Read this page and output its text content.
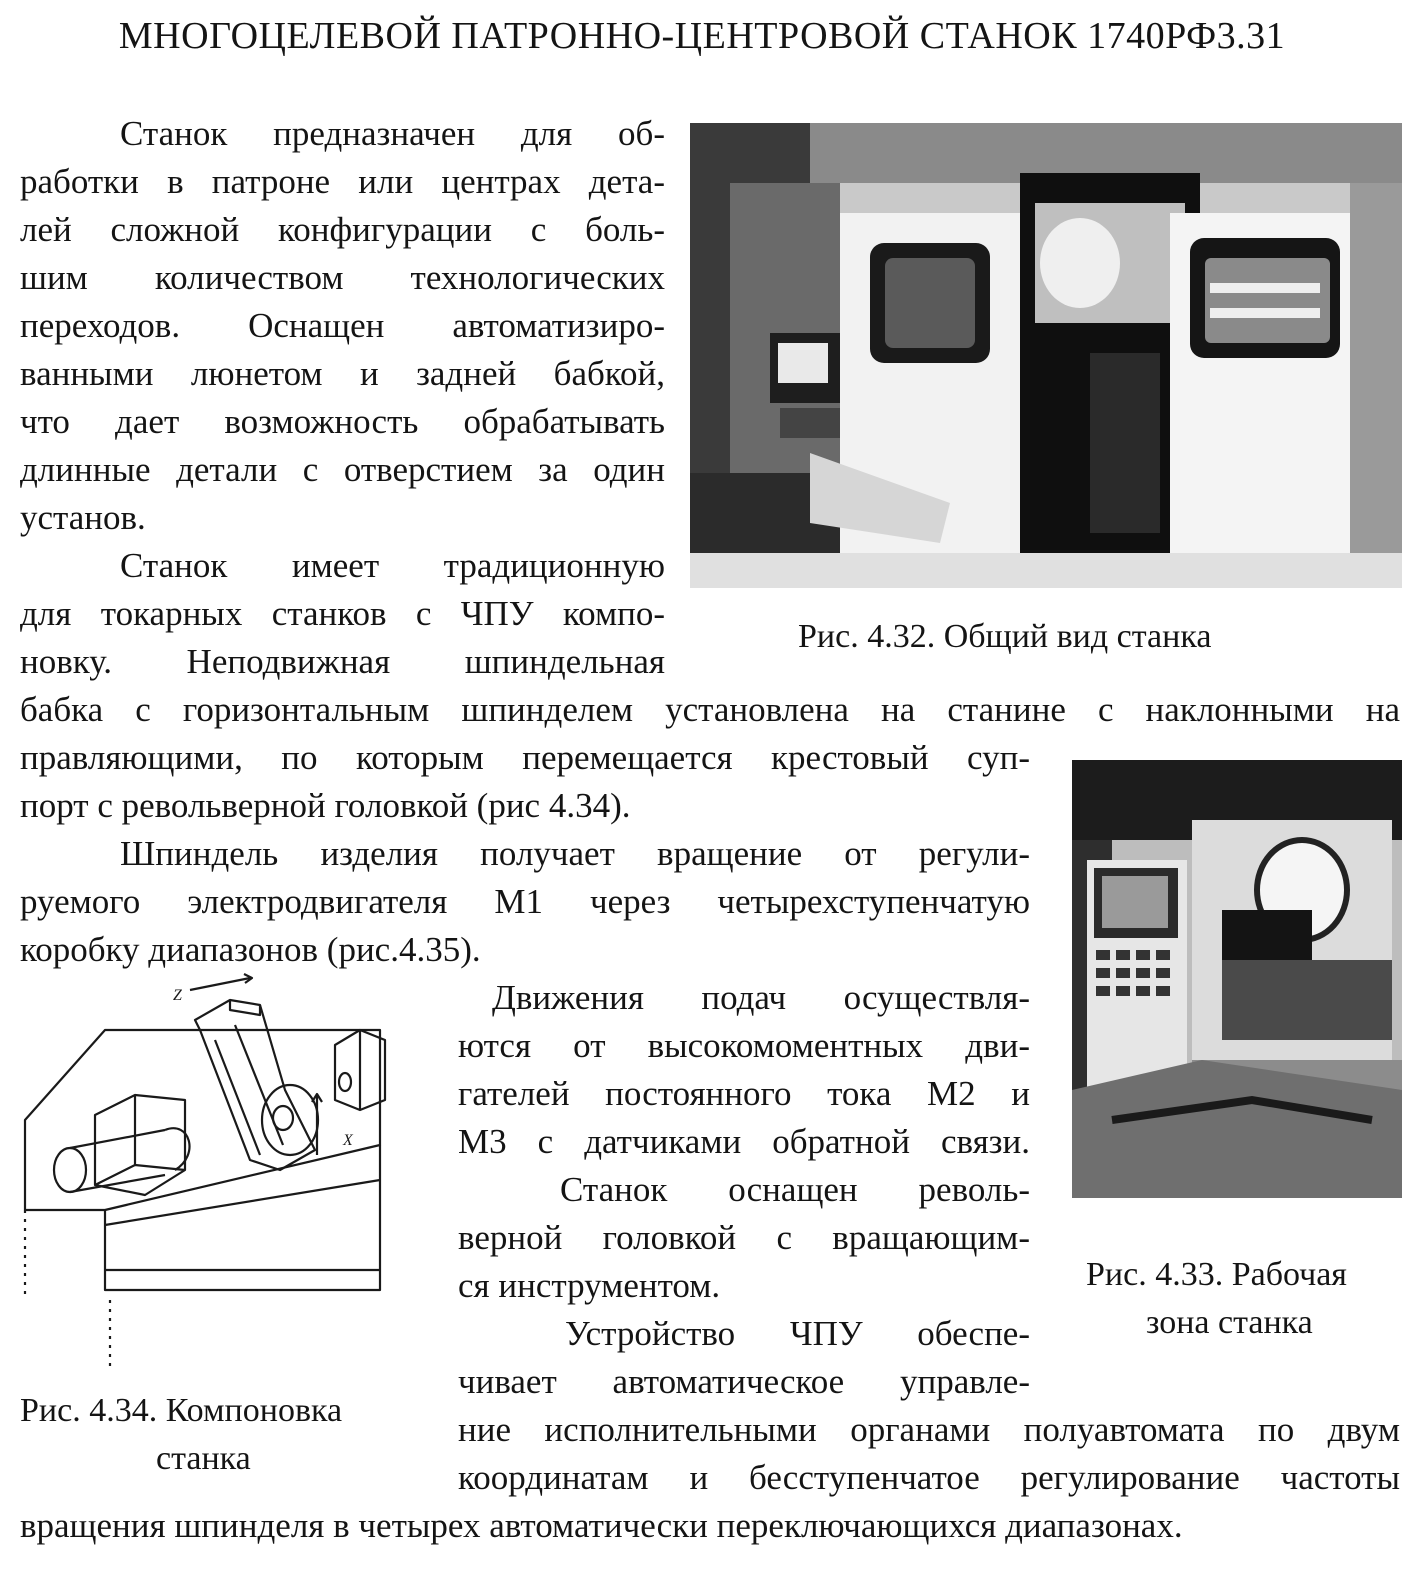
МНОГОЦЕЛЕВОЙ ПАТРОННО-ЦЕНТРОВОЙ СТАНОК 1740РФ3.31
Рис. 4.32. Общий вид станка
Рис. 4.33. Рабочая
зона станка
Z
X
Рис. 4.34. Компоновка
станка
Станок предназначен для об-
работки в патроне или центрах дета-
лей сложной конфигурации с боль-
шим количеством технологических
переходов. Оснащен автоматизиро-
ванными люнетом и задней бабкой,
что дает возможность обрабатывать
длинные детали с отверстием за один
установ.
Станок имеет традиционную
для токарных станков с ЧПУ компо-
новку. Неподвижная шпиндельная
бабка с горизонтальным шпинделем установлена на станине с наклонными на
правляющими, по которым перемещается крестовый суп-
порт с револьверной головкой (рис 4.34).
Шпиндель изделия получает вращение от регули-
руемого электродвигателя М1 через четырехступенчатую
коробку диапазонов (рис.4.35).
Движения подач осуществля-
ются от высокомоментных дви-
гателей постоянного тока М2 и
М3 с датчиками обратной связи.
Станок оснащен револь-
верной головкой с вращающим-
ся инструментом.
Устройство ЧПУ обеспе-
чивает автоматическое управле-
ние исполнительными органами полуавтомата по двум
координатам и бесступенчатое регулирование частоты
вращения шпинделя в четырех автоматически переключающихся диапазонах.
